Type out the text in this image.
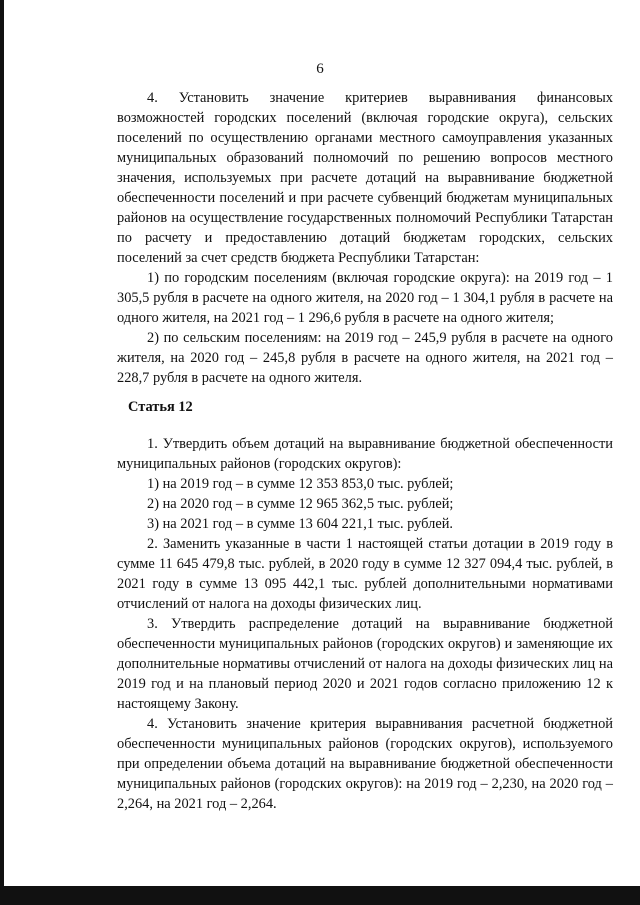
6

4. Установить значение критериев выравнивания финансовых возможностей городских поселений (включая городские округа), сельских поселений по осуществлению органами местного самоуправления указанных муниципальных образований полномочий по решению вопросов местного значения, используемых при расчете дотаций на выравнивание бюджетной обеспеченности поселений и при расчете субвенций бюджетам муниципальных районов на осуществление государственных полномочий Республики Татарстан по расчету и предоставлению дотаций бюджетам городских, сельских поселений за счет средств бюджета Республики Татарстан:

1) по городским поселениям (включая городские округа): на 2019 год – 1 305,5 рубля в расчете на одного жителя, на 2020 год – 1 304,1 рубля в расчете на одного жителя, на 2021 год – 1 296,6 рубля в расчете на одного жителя;

2) по сельским поселениям: на 2019 год – 245,9 рубля в расчете на одного жителя, на 2020 год – 245,8 рубля в расчете на одного жителя, на 2021 год – 228,7 рубля в расчете на одного жителя.

Статья 12

1. Утвердить объем дотаций на выравнивание бюджетной обеспеченности муниципальных районов (городских округов):

1) на 2019 год – в сумме 12 353 853,0 тыс. рублей;

2) на 2020 год – в сумме 12 965 362,5 тыс. рублей;

3) на 2021 год – в сумме 13 604 221,1 тыс. рублей.

2. Заменить указанные в части 1 настоящей статьи дотации в 2019 году в сумме 11 645 479,8 тыс. рублей, в 2020 году в сумме 12 327 094,4 тыс. рублей, в 2021 году в сумме 13 095 442,1 тыс. рублей дополнительными нормативами отчислений от налога на доходы физических лиц.

3. Утвердить распределение дотаций на выравнивание бюджетной обеспеченности муниципальных районов (городских округов) и заменяющие их дополнительные нормативы отчислений от налога на доходы физических лиц на 2019 год и на плановый период 2020 и 2021 годов согласно приложению 12 к настоящему Закону.

4. Установить значение критерия выравнивания расчетной бюджетной обеспеченности муниципальных районов (городских округов), используемого при определении объема дотаций на выравнивание бюджетной обеспеченности муниципальных районов (городских округов): на 2019 год – 2,230, на 2020 год – 2,264, на 2021 год – 2,264.
